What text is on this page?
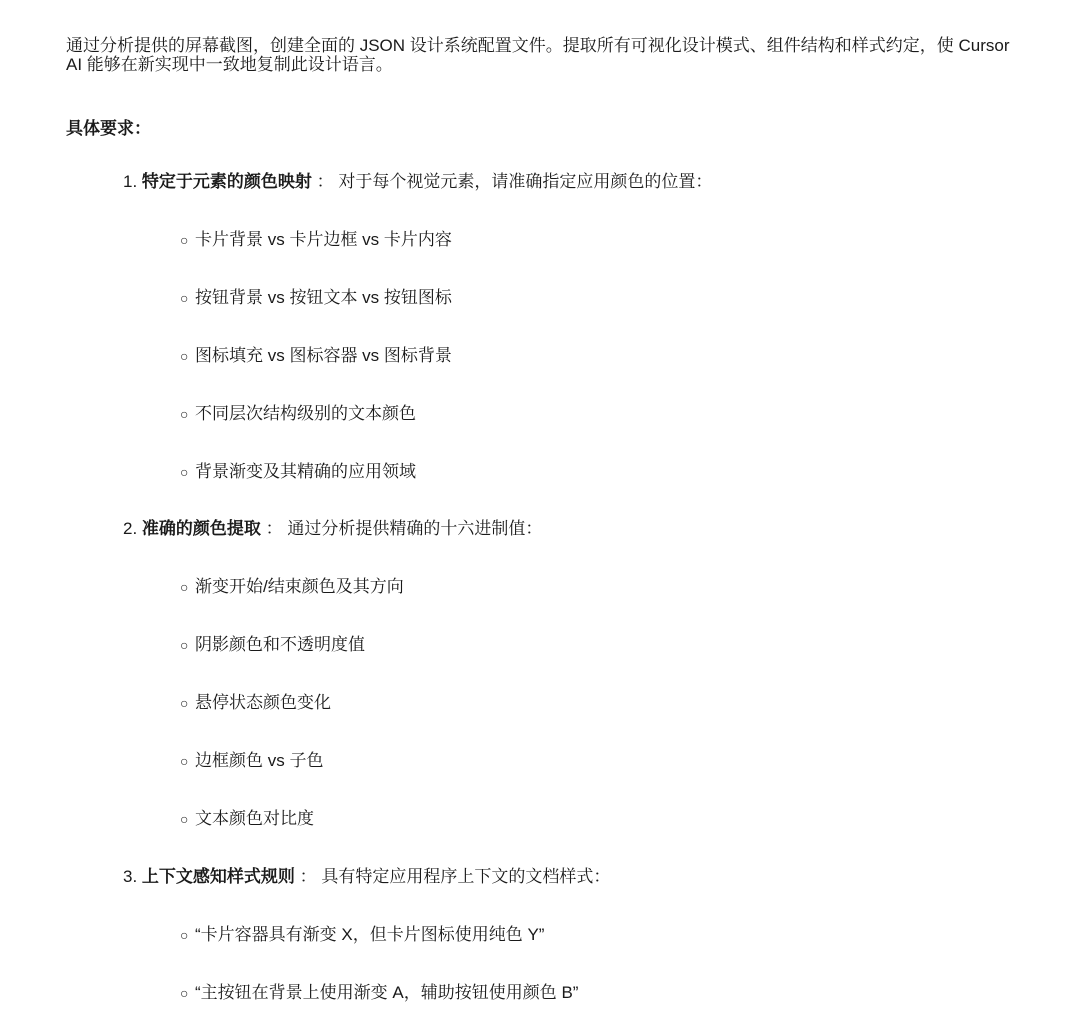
通过分析提供的屏幕截图，创建全面的 JSON 设计系统配置文件。提取所有可视化设计模式、组件结构和样式约定，使 Cursor AI 能够在新实现中一致地复制此设计语言。

具体要求：

1. 特定于元素的颜色映射 ： 对于每个视觉元素，请准确指定应用颜色的位置：
○ 卡片背景 vs 卡片边框 vs 卡片内容
○ 按钮背景 vs 按钮文本 vs 按钮图标
○ 图标填充 vs 图标容器 vs 图标背景
○ 不同层次结构级别的文本颜色
○ 背景渐变及其精确的应用领域
2. 准确的颜色提取 ： 通过分析提供精确的十六进制值：
○ 渐变开始/结束颜色及其方向
○ 阴影颜色和不透明度值
○ 悬停状态颜色变化
○ 边框颜色 vs 子色
○ 文本颜色对比度
3. 上下文感知样式规则 ： 具有特定应用程序上下文的文档样式：
○ “卡片容器具有渐变 X，但卡片图标使用纯色 Y”
○ “主按钮在背景上使用渐变 A，辅助按钮使用颜色 B”
